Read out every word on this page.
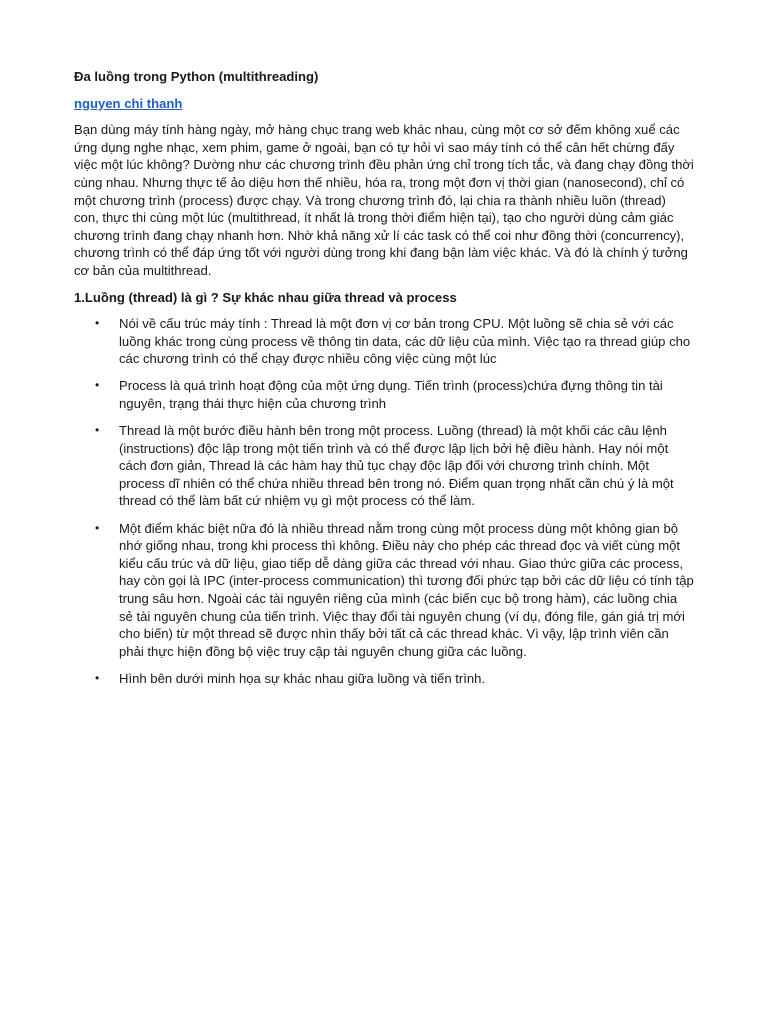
Đa luồng trong Python (multithreading)

nguyen chi thanh

Bạn dùng máy tính hàng ngày, mở hàng chục trang web khác nhau, cùng một cơ sở đếm không xuể các ứng dụng nghe nhạc, xem phim, game ở ngoài, bạn có tự hỏi vì sao máy tính có thể cân hết chừng đấy việc một lúc không? Dường như các chương trình đều phản ứng chỉ trong tích tắc, và đang chạy đồng thời cùng nhau. Nhưng thực tế ảo diệu hơn thế nhiều, hóa ra, trong một đơn vị thời gian (nanosecond), chỉ có một chương trình (process) được chạy. Và trong chương trình đó, lại chia ra thành nhiều luồn (thread) con, thực thi cùng một lúc (multithread, ít nhất là trong thời điểm hiện tại), tạo cho người dùng cảm giác chương trình đang chạy nhanh hơn. Nhờ khả năng xử lí các task có thể coi như đồng thời (concurrency), chương trình có thể đáp ứng tốt với người dùng trong khi đang bận làm việc khác. Và đó là chính ý tưởng cơ bản của multithread.

1.Luồng (thread) là gì ? Sự khác nhau giữa thread và process

• Nói về cấu trúc máy tính : Thread là một đơn vị cơ bản trong CPU. Một luồng sẽ chia sẻ với các luồng khác trong cùng process về thông tin data, các dữ liệu của mình. Việc tạo ra thread giúp cho các chương trình có thể chạy được nhiều công việc cùng một lúc
• Process là quá trình hoạt động của một ứng dụng. Tiến trình (process)chứa đựng thông tin tài nguyên, trạng thái thực hiện của chương trình
• Thread là một bước điều hành bên trong một process. Luồng (thread) là một khối các câu lệnh (instructions) độc lập trong một tiến trình và có thể được lập lịch bởi hệ điều hành. Hay nói một cách đơn giản, Thread là các hàm hay thủ tục chạy độc lập đối với chương trình chính. Một process dĩ nhiên có thể chứa nhiều thread bên trong nó. Điểm quan trọng nhất cần chú ý là một thread có thể làm bất cứ nhiệm vụ gì một process có thể làm.
• Một điểm khác biệt nữa đó là nhiều thread nằm trong cùng một process dùng một không gian bộ nhớ giống nhau, trong khi process thì không. Điều này cho phép các thread đọc và viết cùng một kiểu cấu trúc và dữ liệu, giao tiếp dễ dàng giữa các thread với nhau. Giao thức giữa các process, hay còn gọi là IPC (inter-process communication) thì tương đối phức tạp bởi các dữ liệu có tính tập trung sâu hơn. Ngoài các tài nguyên riêng của mình (các biến cục bộ trong hàm), các luồng chia sẻ tài nguyên chung của tiến trình. Việc thay đổi tài nguyên chung (ví dụ, đóng file, gán giá trị mới cho biến) từ một thread sẽ được nhìn thấy bởi tất cả các thread khác. Vì vậy, lập trình viên cần phải thực hiện đồng bộ việc truy cập tài nguyên chung giữa các luồng.
• Hình bên dưới minh họa sự khác nhau giữa luồng và tiến trình.
